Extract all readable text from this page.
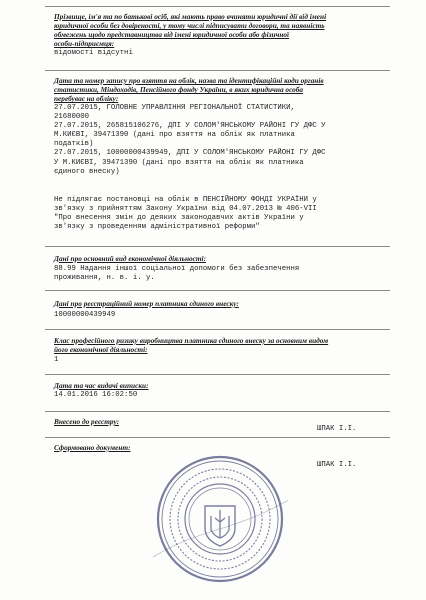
Прізвище, ім'я та по батькові осіб, які мають право вчиняти юридичні дії від імені
юридичної особи без довіреності, у тому числі підписувати договори, та наявність
обмежень щодо представництва від імені юридичної особи або фізичної
особи-підприємця:
відомості відсутні
Дата та номер запису про взяття на облік, назва та ідентифікаційні коди органів
статистики, Міндоходів, Пенсійного фонду України, в яких юридична особа
перебуває на обліку:
27.07.2015, ГОЛОВНЕ УПРАВЛІННЯ РЕГІОНАЛЬНОЇ СТАТИСТИКИ,
21680000
27.07.2015, 265815106276, ДПІ У СОЛОМ'ЯНСЬКОМУ РАЙОНІ ГУ ДФС У
М.КИЄВІ, 39471390 (дані про взяття на облік як платника
податків)
27.07.2015, 10000000439949, ДПІ У СОЛОМ'ЯНСЬКОМУ РАЙОНІ ГУ ДФС
У М.КИЄВІ, 39471390 (дані про взяття на облік як платника
єдиного внеску)
Не підлягає постановці на облік в ПЕНСІЙНОМУ ФОНДІ УКРАЇНИ у
зв'язку з прийняттям Закону України від 04.07.2013 № 406-VII
"Про внесення змін до деяких законодавчих актів України у
зв'язку з проведенням адміністративної реформи"
Дані про основний вид економічної діяльності:
88.99 Надання іншої соціальної допомоги без забезпечення
проживання, н. в. і. у.
Дані про реєстраційний номер платника єдиного внеску:
10000000439949
Клас професійного ризику виробництва платника єдиного внеску за основним видом
його економічної діяльності:
1
Дата та час видачі виписки:
14.01.2016 16:02:50
Внесено до реєстру:
ШПАК І.І.
Сформовано документ:
ШПАК І.І.
